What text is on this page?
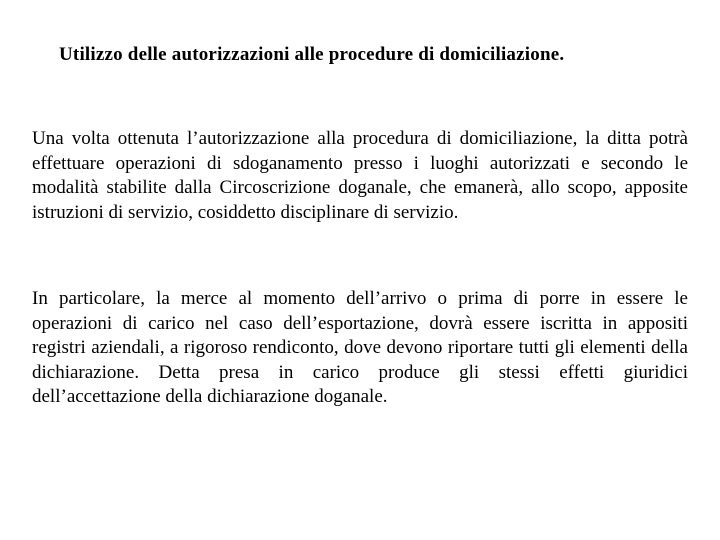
Utilizzo delle autorizzazioni alle procedure di domiciliazione.

Una volta ottenuta l’autorizzazione alla procedura di domiciliazione, la ditta potrà effettuare operazioni di sdoganamento presso i luoghi autorizzati e secondo le modalità stabilite dalla Circoscrizione doganale, che emanerà, allo scopo, apposite istruzioni di servizio, cosiddetto disciplinare di servizio.

In particolare, la merce al momento dell’arrivo o prima di porre in essere le operazioni di carico nel caso dell’esportazione, dovrà essere iscritta in appositi registri aziendali, a rigoroso rendiconto, dove devono riportare tutti gli elementi della dichiarazione. Detta presa in carico produce gli stessi effetti giuridici dell’accettazione della dichiarazione doganale.
